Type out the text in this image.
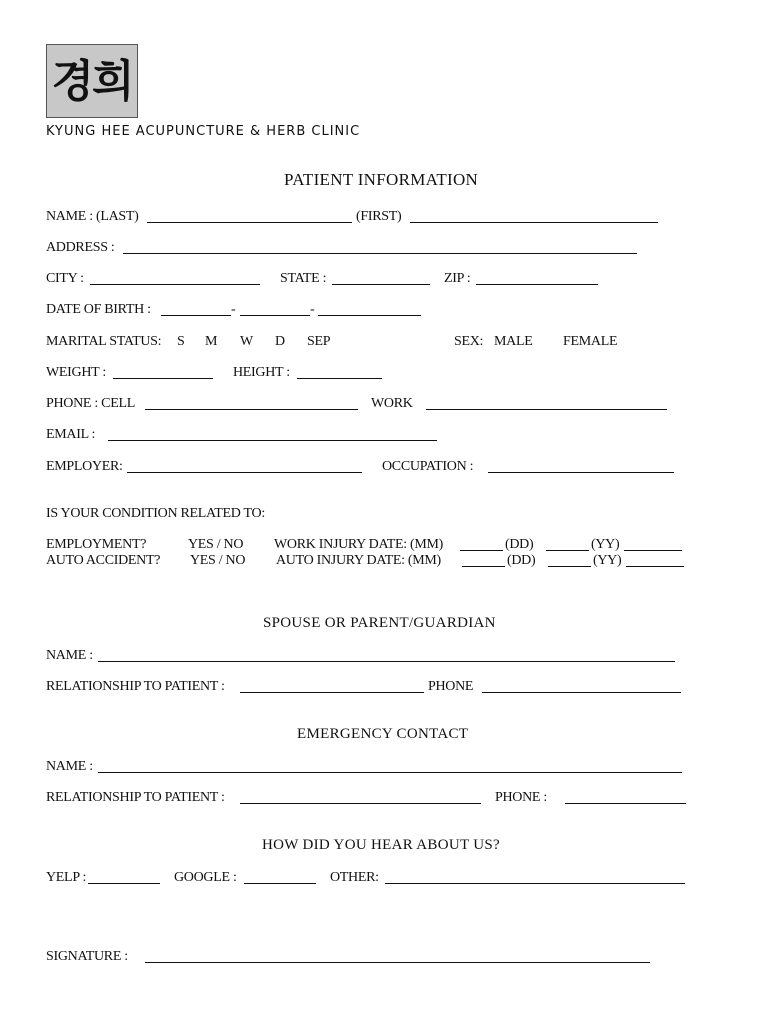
경희
KYUNG HEE ACUPUNCTURE & HERB CLINIC
PATIENT INFORMATION
NAME : (LAST)	(FIRST)
ADDRESS :
CITY :	STATE :	ZIP :
DATE OF BIRTH :	-	-
MARITAL STATUS: S M W D SEP	SEX: MALE FEMALE
WEIGHT :	HEIGHT :
PHONE : CELL	WORK
EMAIL :
EMPLOYER:	OCCUPATION :
IS YOUR CONDITION RELATED TO:
EMPLOYMENT?	YES / NO WORK INJURY DATE: (MM)	(DD)	(YY)
AUTO ACCIDENT? YES / NO AUTO INJURY DATE: (MM)	(DD)	(YY)
SPOUSE OR PARENT/GUARDIAN
NAME :
RELATIONSHIP TO PATIENT :	PHONE
EMERGENCY CONTACT
NAME :
RELATIONSHIP TO PATIENT :	PHONE :
HOW DID YOU HEAR ABOUT US?
YELP :	GOOGLE :	OTHER:
SIGNATURE :
